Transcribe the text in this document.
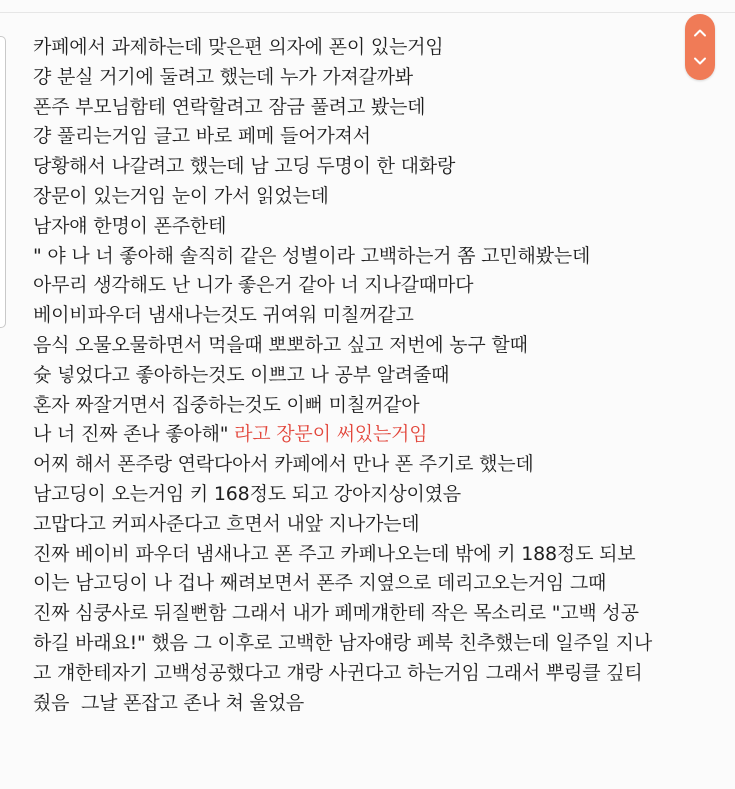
카페에서 과제하는데 맞은편 의자에 폰이 있는거임
걍 분실 거기에 둘려고 했는데 누가 가져갈까봐
폰주 부모님함테 연락할려고 잠금 풀려고 봤는데
걍 풀리는거임 글고 바로 페메 들어가져서
당황해서 나갈려고 했는데 남 고딩 두명이 한 대화랑
장문이 있는거임 눈이 가서 읽었는데
남자얘 한명이 폰주한테
" 야 나 너 좋아해 솔직히 같은 성별이라 고백하는거 쫌 고민해봤는데
아무리 생각해도 난 니가 좋은거 같아 너 지나갈때마다
베이비파우더 냄새나는것도 귀여워 미칠꺼같고
음식 오물오물하면서 먹을때 뽀뽀하고 싶고 저번에 농구 할때
슛 넣었다고 좋아하는것도 이쁘고 나 공부 알려줄때
혼자 짜잘거면서 집중하는것도 이뻐 미칠꺼같아
나 너 진짜 존나 좋아해" 라고 장문이 써있는거임
어찌 해서 폰주랑 연락다아서 카페에서 만나 폰 주기로 했는데
남고딩이 오는거임 키 168정도 되고 강아지상이였음
고맙다고 커피사준다고 흐면서 내앞 지나가는데
진짜 베이비 파우더 냄새나고 폰 주고 카페나오는데 밖에 키 188정도 되보
이는 남고딩이 나 겁나 째려보면서 폰주 지옆으로 데리고오는거임 그때
진짜 심쿵사로 뒤질뻔함 그래서 내가 페메걔한테 작은 목소리로 "고백 성공
하길 바래요!" 했음 그 이후로 고백한 남자얘랑 페북 친추했는데 일주일 지나
고 걔한테자기 고백성공했다고 걔랑 사귄다고 하는거임 그래서 뿌링클 깊티
줬음  그날 폰잡고 존나 쳐 울었음
